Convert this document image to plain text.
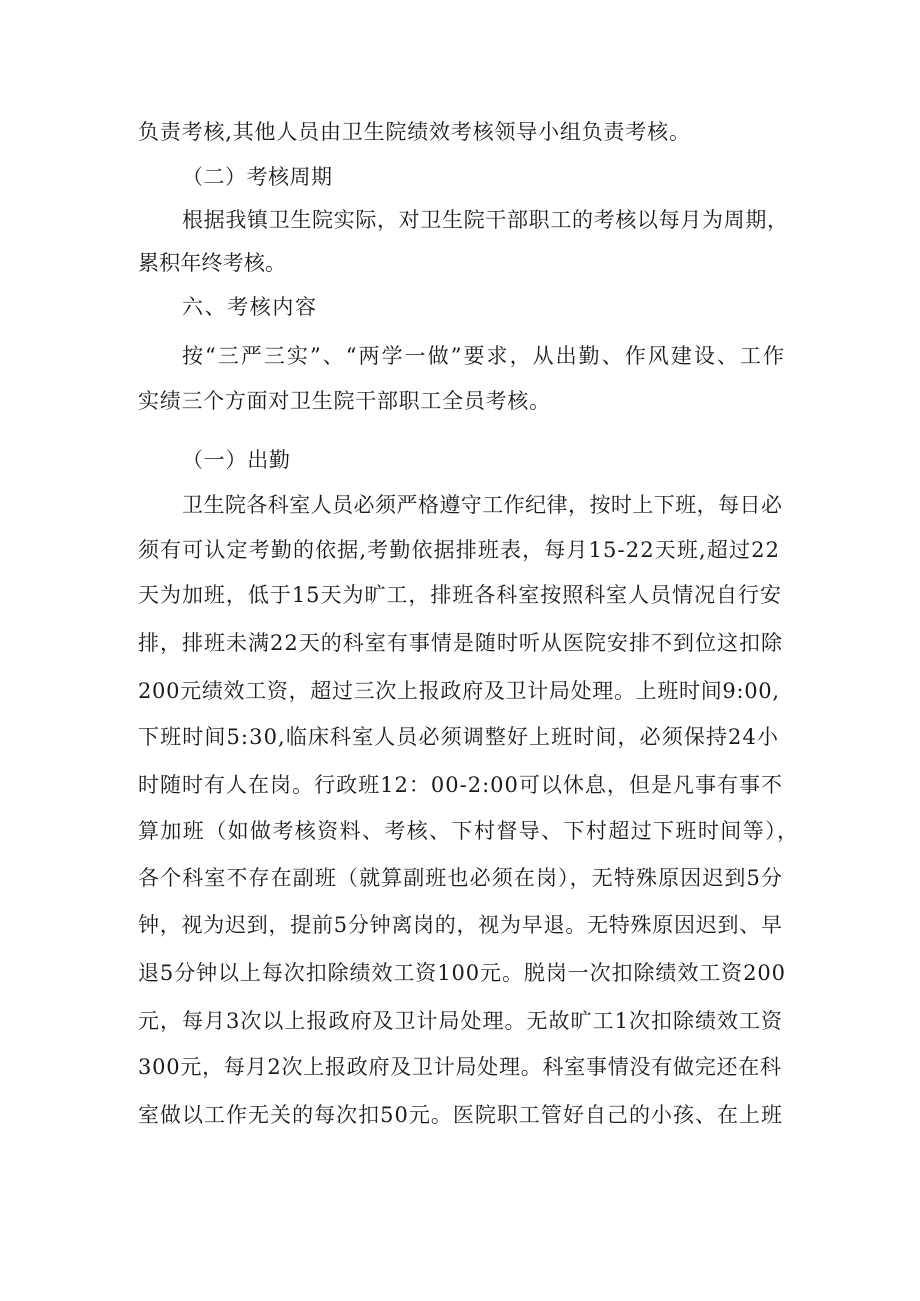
负责考核,其他人员由卫生院绩效考核领导小组负责考核。
（二）考核周期
根据我镇卫生院实际，对卫生院干部职工的考核以每月为周期，
累积年终考核。
六、考核内容
按“三严三实”、“两学一做”要求，从出勤、作风建设、工作
实绩三个方面对卫生院干部职工全员考核。
（一）出勤
卫生院各科室人员必须严格遵守工作纪律，按时上下班，每日必
须有可认定考勤的依据,考勤依据排班表，每月15-22天班,超过22
天为加班，低于15天为旷工，排班各科室按照科室人员情况自行安
排，排班未满22天的科室有事情是随时听从医院安排不到位这扣除
200元绩效工资，超过三次上报政府及卫计局处理。上班时间9:00,
下班时间5:30,临床科室人员必须调整好上班时间，必须保持24小
时随时有人在岗。行政班12：00-2:00可以休息，但是凡事有事不
算加班（如做考核资料、考核、下村督导、下村超过下班时间等），
各个科室不存在副班（就算副班也必须在岗），无特殊原因迟到5分
钟，视为迟到，提前5分钟离岗的，视为早退。无特殊原因迟到、早
退5分钟以上每次扣除绩效工资100元。脱岗一次扣除绩效工资200
元，每月3次以上报政府及卫计局处理。无故旷工1次扣除绩效工资
300元，每月2次上报政府及卫计局处理。科室事情没有做完还在科
室做以工作无关的每次扣50元。医院职工管好自己的小孩、在上班
